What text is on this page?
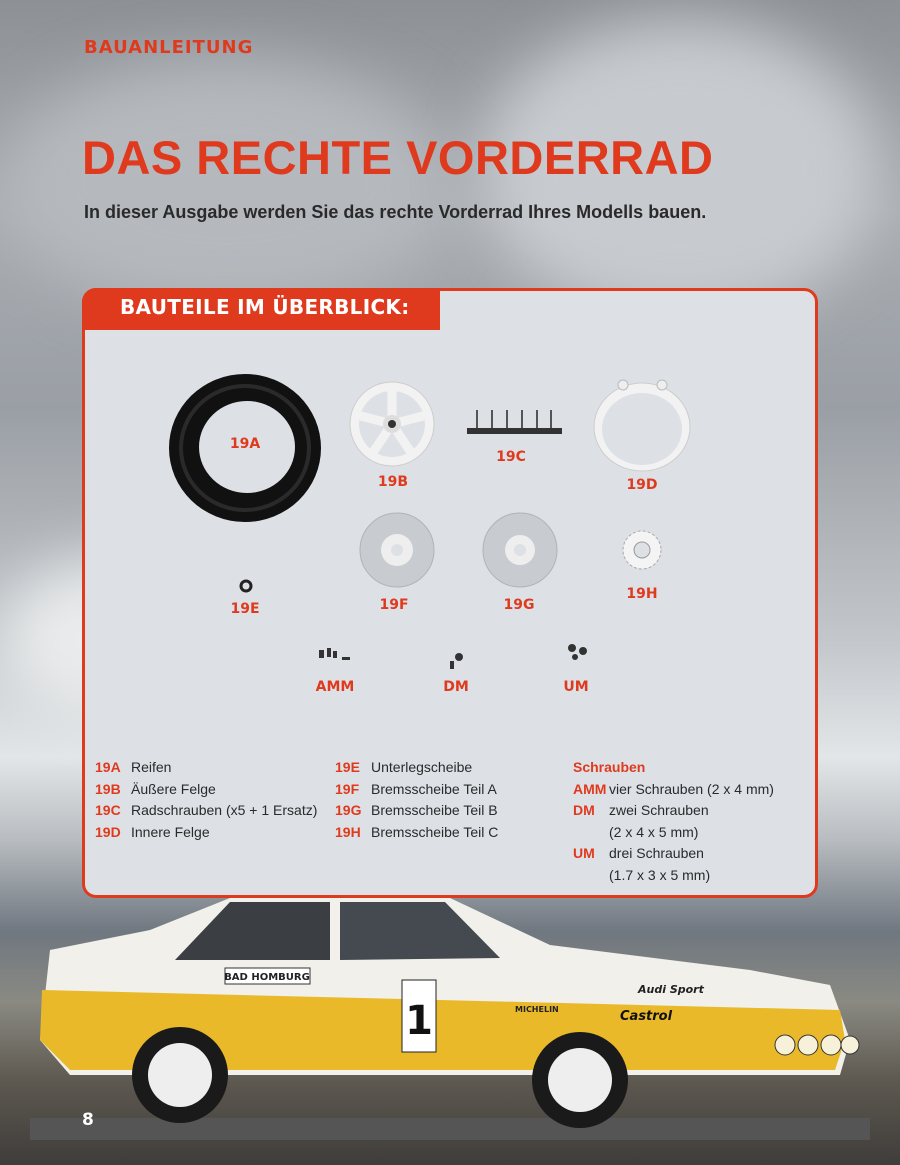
BAUANLEITUNG
DAS RECHTE VORDERRAD

In dieser Ausgabe werden Sie das rechte Vorderrad Ihres Modells bauen.

BAUTEILE IM ÜBERBLICK:
19A
19B
19C
19D
19E	19F	19G
19H
AMM	DM	UM
19A Reifen
19B Äußere Felge
19C Radschrauben (x5 + 1 Ersatz)
19D Innere Felge
19E Unterlegscheibe
19F Bremsscheibe Teil A
19G Bremsscheibe Teil B
19H Bremsscheibe Teil C
Schrauben
AMM vier Schrauben (2 x 4 mm)
DM	zwei Schrauben
(2 x 4 x 5 mm)
UM	drei Schrauben
(1.7 x 3 x 5 mm)
1
BAD HOMBURG
Audi Sport
Castrol
MICHELIN
8
